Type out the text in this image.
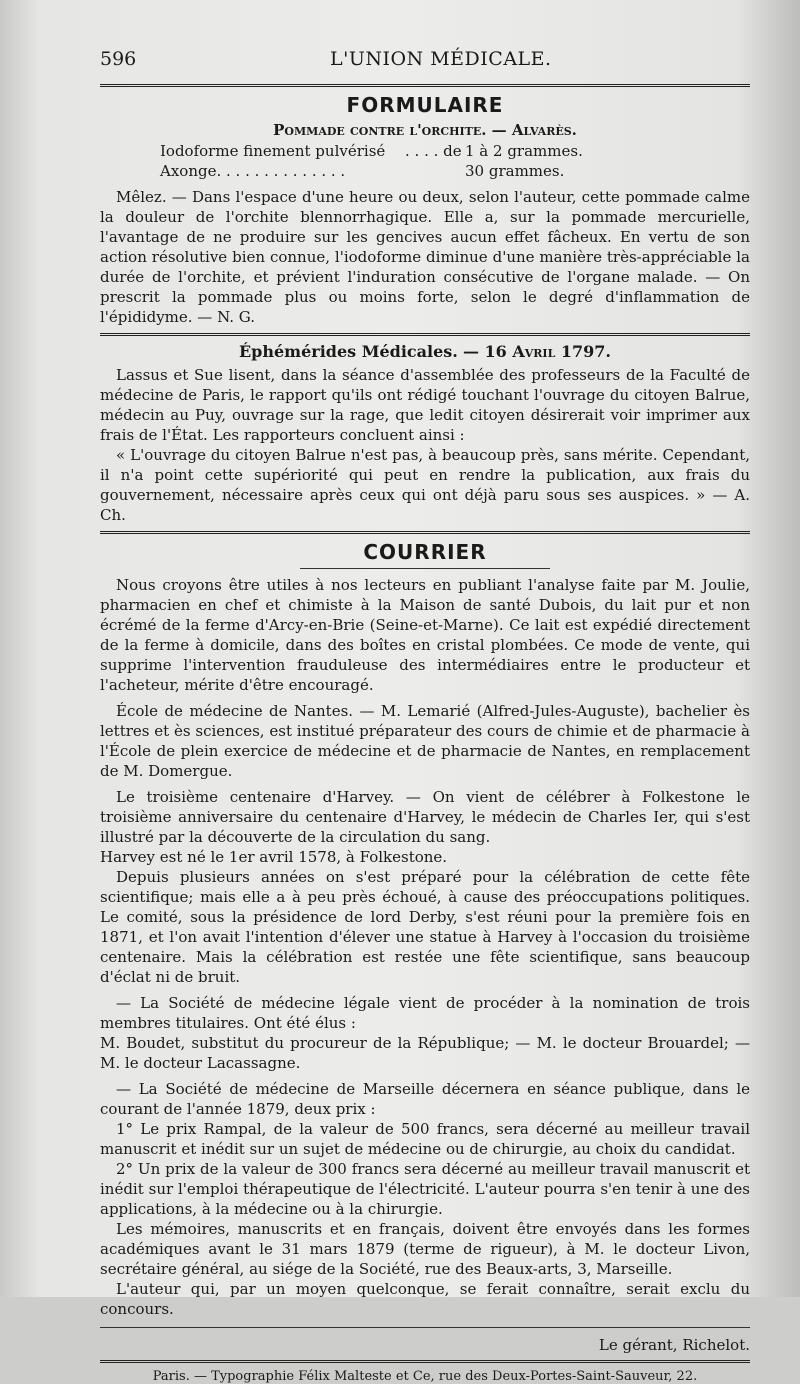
596	L'UNION MÉDICALE.
FORMULAIRE
Pommade contre l'orchite. — Alvarès.
Iodoforme finement pulvérisé	. . . . de 1 à 2 grammes.
Axonge. . . . . . . . . . . . . .	30 grammes.

Mêlez. — Dans l'espace d'une heure ou deux, selon l'auteur, cette pommade calme la douleur de l'orchite blennorrhagique. Elle a, sur la pommade mercurielle, l'avantage de ne produire sur les gencives aucun effet fâcheux. En vertu de son action résolutive bien connue, l'iodoforme diminue d'une manière très-appréciable la durée de l'orchite, et prévient l'induration consécutive de l'organe malade. — On prescrit la pommade plus ou moins forte, selon le degré d'inflammation de l'épididyme. — N. G.

Éphémérides Médicales. — 16 Avril 1797.

Lassus et Sue lisent, dans la séance d'assemblée des professeurs de la Faculté de médecine de Paris, le rapport qu'ils ont rédigé touchant l'ouvrage du citoyen Balrue, médecin au Puy, ouvrage sur la rage, que ledit citoyen désirerait voir imprimer aux frais de l'État. Les rapporteurs concluent ainsi :

« L'ouvrage du citoyen Balrue n'est pas, à beaucoup près, sans mérite. Cependant, il n'a point cette supériorité qui peut en rendre la publication, aux frais du gouvernement, nécessaire après ceux qui ont déjà paru sous ses auspices. » — A. Ch.

COURRIER

Nous croyons être utiles à nos lecteurs en publiant l'analyse faite par M. Joulie, pharmacien en chef et chimiste à la Maison de santé Dubois, du lait pur et non écrémé de la ferme d'Arcy-en-Brie (Seine-et-Marne). Ce lait est expédié directement de la ferme à domicile, dans des boîtes en cristal plombées. Ce mode de vente, qui supprime l'intervention frauduleuse des intermédiaires entre le producteur et l'acheteur, mérite d'être encouragé.

École de médecine de Nantes. — M. Lemarié (Alfred-Jules-Auguste), bachelier ès lettres et ès sciences, est institué préparateur des cours de chimie et de pharmacie à l'École de plein exercice de médecine et de pharmacie de Nantes, en remplacement de M. Domergue.

Le troisième centenaire d'Harvey. — On vient de célébrer à Folkestone le troisième anniversaire du centenaire d'Harvey, le médecin de Charles Ier, qui s'est illustré par la découverte de la circulation du sang.

Harvey est né le 1er avril 1578, à Folkestone.

Depuis plusieurs années on s'est préparé pour la célébration de cette fête scientifique; mais elle a à peu près échoué, à cause des préoccupations politiques. Le comité, sous la présidence de lord Derby, s'est réuni pour la première fois en 1871, et l'on avait l'intention d'élever une statue à Harvey à l'occasion du troisième centenaire. Mais la célébration est restée une fête scientifique, sans beaucoup d'éclat ni de bruit.

— La Société de médecine légale vient de procéder à la nomination de trois membres titulaires. Ont été élus :

M. Boudet, substitut du procureur de la République; — M. le docteur Brouardel; — M. le docteur Lacassagne.

— La Société de médecine de Marseille décernera en séance publique, dans le courant de l'année 1879, deux prix :

1° Le prix Rampal, de la valeur de 500 francs, sera décerné au meilleur travail manuscrit et inédit sur un sujet de médecine ou de chirurgie, au choix du candidat.

2° Un prix de la valeur de 300 francs sera décerné au meilleur travail manuscrit et inédit sur l'emploi thérapeutique de l'électricité. L'auteur pourra s'en tenir à une des applications, à la médecine ou à la chirurgie.

Les mémoires, manuscrits et en français, doivent être envoyés dans les formes académiques avant le 31 mars 1879 (terme de rigueur), à M. le docteur Livon, secrétaire général, au siége de la Société, rue des Beaux-arts, 3, Marseille.

L'auteur qui, par un moyen quelconque, se ferait connaître, serait exclu du concours.

Le gérant, Richelot.
Paris. — Typographie Félix Malteste et Ce, rue des Deux-Portes-Saint-Sauveur, 22.
